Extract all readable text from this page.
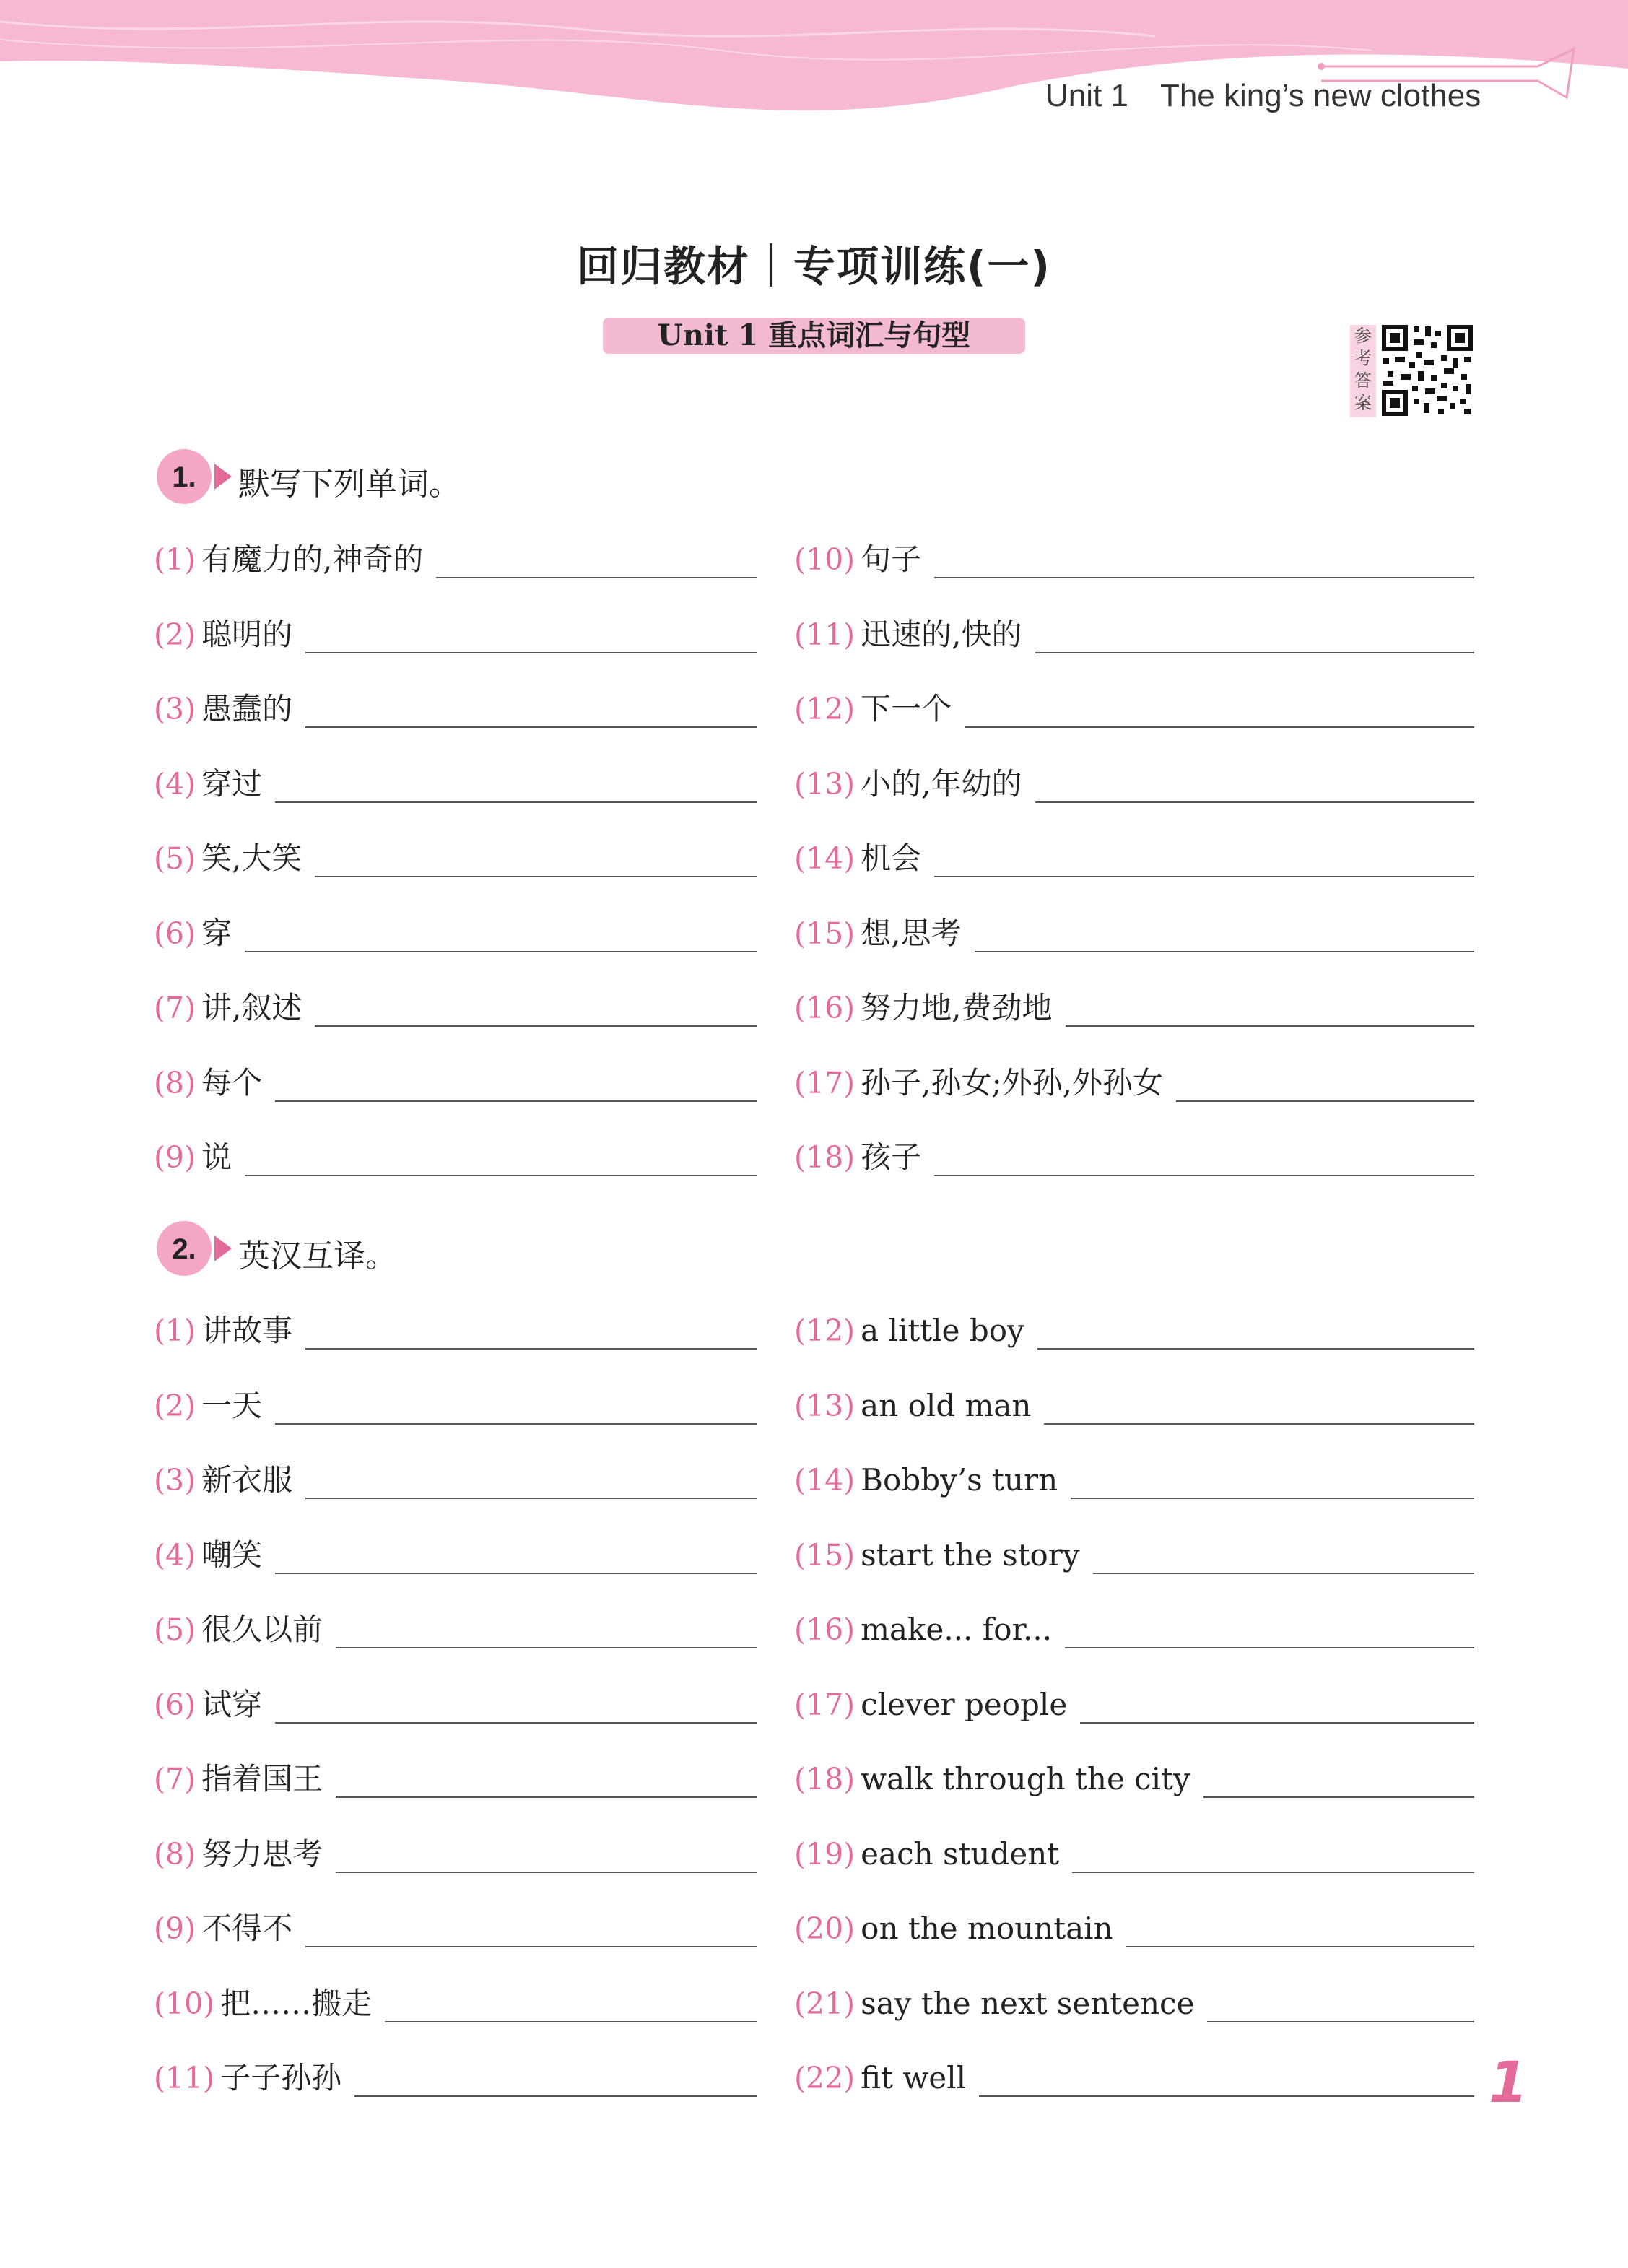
Unit 1 The king’s new clothes
回归教材｜专项训练(一)
Unit 1 重点词汇与句型	参
考
答
案
1. 默写下列单词。
2. 英汉互译。
(1) 有魔力的,神奇的
(2) 聪明的
(3) 愚蠢的
(4) 穿过
(5) 笑,大笑
(6) 穿
(7) 讲,叙述
(8) 每个
(9) 说
(10) 句子
(11) 迅速的,快的
(12) 下一个
(13) 小的,年幼的
(14) 机会
(15) 想,思考
(16) 努力地,费劲地
(17) 孙子,孙女;外孙,外孙女
(18) 孩子
(1) 讲故事
(2) 一天
(3) 新衣服
(4) 嘲笑
(5) 很久以前
(6) 试穿
(7) 指着国王
(8) 努力思考
(9) 不得不
(10) 把……搬走
(11) 子子孙孙
(12) a little boy
(13) an old man
(14) Bobby’s turn
(15) start the story
(16) make... for...
(17) clever people
(18) walk through the city
(19) each student
(20) on the mountain
(21) say the next sentence
(22) fit well	1
